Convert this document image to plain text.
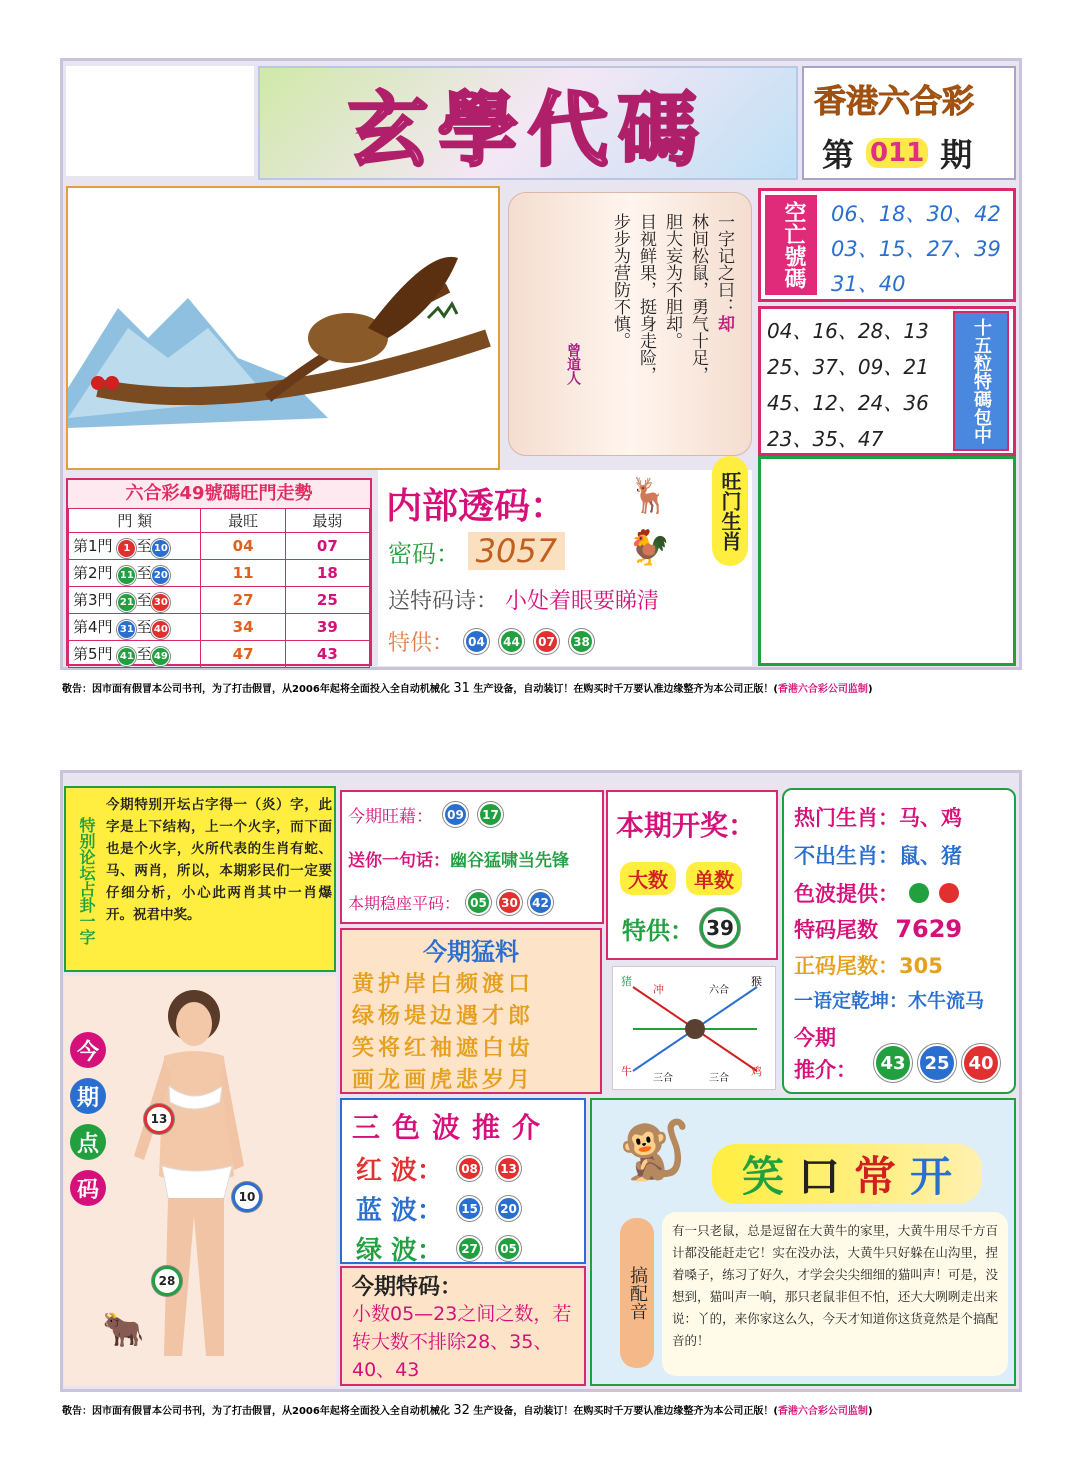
玄學代碼	香港六合彩
第 011 期
一字记之曰：却
林间松鼠，勇气十足，
胆大妄为不胆却。
目视鲜果，挺身走险，
步步为营防不慎。
曾道人
空亡號碼	06、18、30、42
03、15、27、39
31、40
04、16、28、13
25、37、09、21
45、12、24、36
23、35、47	十五粒特碼包中
六合彩49號碼旺門走勢
門 類	最旺	最弱
第1門 1 至 10	04	07
第2門 11 至 20	11	18
第3門 21 至 30	27	25
第4門 31 至 40	34	39
第5門 41 至 49	47	43
内部透码：
密码： 3057
送特码诗： 小处着眼要睇清
特供：	04	44	07	38
🦌
🐓	旺门生肖
敬告：因市面有假冒本公司书刊，为了打击假冒，从2006年起将全面投入全自动机械化 31 生产设备，自动装订！在购买时千万要认准边缘整齐为本公司正版！(香港六合彩公司监制)
特别论坛占卦一字
今期特别开坛占字得一（炎）字，此字是上下结构，上一个火字，而下面也是个火字，火所代表的生肖有蛇、马、两肖，所以，本期彩民们一定要仔细分析，小心此两肖其中一肖爆开。祝君中奖。
今期旺藉：	09	17
送你一句话：幽谷猛啸当先锋
本期稳座平码： 05	30	42
本期开奖：
大数	单数
特供： 39
猪
冲	六合
猴
牛
三合	三合
鸡
热门生肖：马、鸡
不出生肖：鼠、猪
色波提供：
特码尾数 7629
正码尾数：305
一语定乾坤：木牛流马
今期
推介：	43	25	40
今期猛料
黄护岸白频渡口
绿杨堤边遇才郎
笑将红袖遮白齿
画龙画虎悲岁月
今
期
点
码
13
10
28
🐂
三色波推介
红 波：	08	13
蓝 波：	15	20
绿 波：	27	05
今期特码：
小数05—23之间之数，若转大数不排除28、35、40、43
🐒 笑 口 常 开
搞配音
有一只老鼠，总是逗留在大黄牛的家里，大黄牛用尽千方百计都没能赶走它！实在没办法，大黄牛只好躲在山沟里，捏着嗓子，练习了好久，才学会尖尖细细的猫叫声！可是，没想到，猫叫声一响，那只老鼠非但不怕，还大大咧咧走出来说：丫的，来你家这么久，今天才知道你这货竟然是个搞配音的！
敬告：因市面有假冒本公司书刊，为了打击假冒，从2006年起将全面投入全自动机械化 32 生产设备，自动装订！在购买时千万要认准边缘整齐为本公司正版！(香港六合彩公司监制)
